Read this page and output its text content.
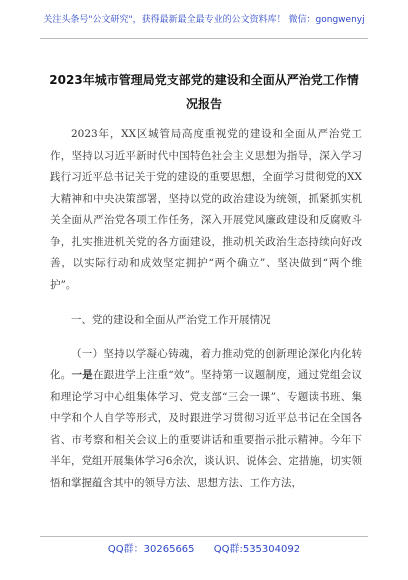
关注头条号"公文研究"，获得最新最全最专业的公文资料库！ 微信：gongwenyj
2023年城市管理局党支部党的建设和全面从严治党工作情
况报告

2023年，XX区城管局高度重视党的建设和全面从严治党工作，坚持以习近平新时代中国特色社会主义思想为指导，深入学习践行习近平总书记关于党的建设的重要思想，全面学习贯彻党的XX大精神和中央决策部署，坚持以党的政治建设为统领，抓紧抓实机关全面从严治党各项工作任务，深入开展党风廉政建设和反腐败斗争，扎实推进机关党的各方面建设，推动机关政治生态持续向好改善，以实际行动和成效坚定拥护“两个确立”、坚决做到“两个维护”。

一、党的建设和全面从严治党工作开展情况

（一）坚持以学凝心铸魂，着力推动党的创新理论深化内化转化。一是在跟进学上注重“效”。坚持第一议题制度，通过党组会议和理论学习中心组集体学习、党支部“三会一课”、专题读书班、集中学和个人自学等形式，及时跟进学习贯彻习近平总书记在全国各省、市考察和相关会议上的重要讲话和重要指示批示精神。今年下半年，党组开展集体学习6余次，谈认识、说体会、定措施，切实领悟和掌握蕴含其中的领导方法、思想方法、工作方法，

QQ群：30265665 QQ群:535304092
